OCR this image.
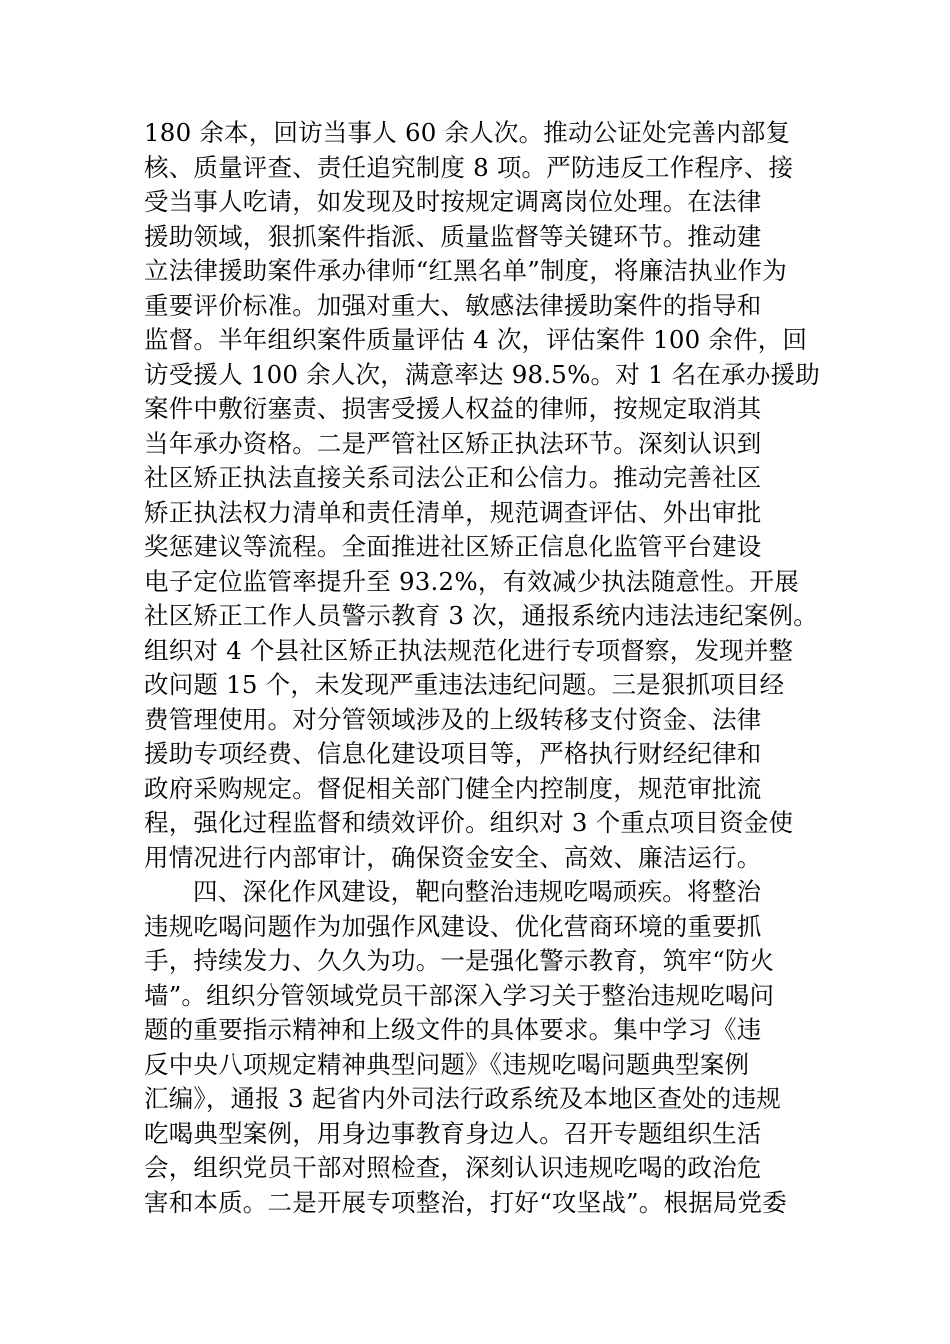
180 余本，回访当事人 60 余人次。推动公证处完善内部复
核、质量评查、责任追究制度 8 项。严防违反工作程序、接
受当事人吃请，如发现及时按规定调离岗位处理。在法律
援助领域，狠抓案件指派、质量监督等关键环节。推动建
立法律援助案件承办律师“红黑名单”制度，将廉洁执业作为
重要评价标准。加强对重大、敏感法律援助案件的指导和
监督。半年组织案件质量评估 4 次，评估案件 100 余件，回
访受援人 100 余人次，满意率达 98.5%。对 1 名在承办援助
案件中敷衍塞责、损害受援人权益的律师，按规定取消其
当年承办资格。二是严管社区矫正执法环节。深刻认识到
社区矫正执法直接关系司法公正和公信力。推动完善社区
矫正执法权力清单和责任清单，规范调查评估、外出审批
奖惩建议等流程。全面推进社区矫正信息化监管平台建设
电子定位监管率提升至 93.2%，有效减少执法随意性。开展
社区矫正工作人员警示教育 3 次，通报系统内违法违纪案例。
组织对 4 个县社区矫正执法规范化进行专项督察，发现并整
改问题 15 个，未发现严重违法违纪问题。三是狠抓项目经
费管理使用。对分管领域涉及的上级转移支付资金、法律
援助专项经费、信息化建设项目等，严格执行财经纪律和
政府采购规定。督促相关部门健全内控制度，规范审批流
程，强化过程监督和绩效评价。组织对 3 个重点项目资金使
用情况进行内部审计，确保资金安全、高效、廉洁运行。
四、深化作风建设，靶向整治违规吃喝顽疾。将整治
违规吃喝问题作为加强作风建设、优化营商环境的重要抓
手，持续发力、久久为功。一是强化警示教育，筑牢“防火
墙”。组织分管领域党员干部深入学习关于整治违规吃喝问
题的重要指示精神和上级文件的具体要求。集中学习《违
反中央八项规定精神典型问题》《违规吃喝问题典型案例
汇编》，通报 3 起省内外司法行政系统及本地区查处的违规
吃喝典型案例，用身边事教育身边人。召开专题组织生活
会，组织党员干部对照检查，深刻认识违规吃喝的政治危
害和本质。二是开展专项整治，打好“攻坚战”。根据局党委
